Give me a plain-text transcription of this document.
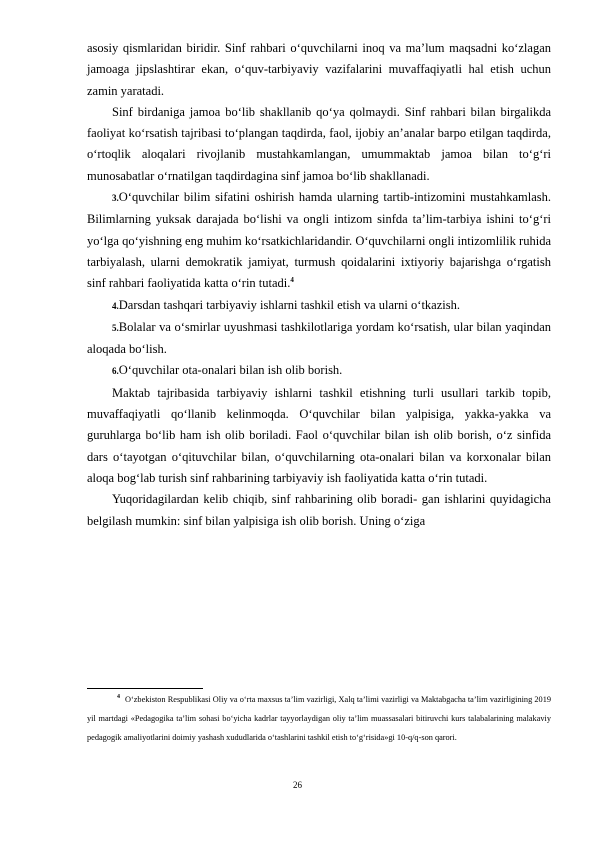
asosiy qismlaridan biridir. Sinf rahbari o‘quvchilarni inoq va ma’lum maqsadni ko‘zlagan jamoaga jipslashtirar ekan, o‘quv-tarbiyaviy vazifalarini muvaffaqiyatli hal etish uchun zamin yaratadi.

Sinf birdaniga jamoa bo‘lib shakllanib qo‘ya qolmaydi. Sinf rahbari bilan birgalikda faoliyat ko‘rsatish tajribasi to‘plangan taqdirda, faol, ijobiy an’analar barpo etilgan taqdirda, o‘rtoqlik aloqalari rivojlanib mustahkamlangan, umummaktab jamoa bilan to‘g‘ri munosabatlar o‘rnatilgan taqdirdagina sinf jamoa bo‘lib shakllanadi.

3.O‘quvchilar bilim sifatini oshirish hamda ularning tartib-intizomini mustahkamlash. Bilimlarning yuksak darajada bo‘lishi va ongli intizom sinfda ta’lim-tarbiya ishini to‘g‘ri yo‘lga qo‘yishning eng muhim ko‘rsatkichlaridandir. O‘quvchilarni ongli intizomlilik ruhida tarbiyalash, ularni demokratik jamiyat, turmush qoidalarini ixtiyoriy bajarishga o‘rgatish sinf rahbari faoliyatida katta o‘rin tutadi.$^4$

4.Darsdan tashqari tarbiyaviy ishlarni tashkil etish va ularni o‘tkazish.

5.Bolalar va o‘smirlar uyushmasi tashkilotlariga yordam ko‘rsatish, ular bilan yaqindan aloqada bo‘lish.

6.O‘quvchilar ota-onalari bilan ish olib borish.

Maktab tajribasida tarbiyaviy ishlarni tashkil etishning turli usullari tarkib topib, muvaffaqiyatli qo‘llanib kelinmoqda. O‘quvchilar bilan yalpisiga, yakka-yakka va guruhlarga bo‘lib ham ish olib boriladi. Faol o‘quvchilar bilan ish olib borish, o‘z sinfida dars o‘tayotgan o‘qituvchilar bilan, o‘quvchilarning ota-onalari bilan va korxonalar bilan aloqa bog‘lab turish sinf rahbarining tarbiyaviy ish faoliyatida katta o‘rin tutadi.

Yuqoridagilardan kelib chiqib, sinf rahbarining olib boradi- gan ishlarini quyidagicha belgilash mumkin: sinf bilan yalpisiga ish olib borish. Uning o‘ziga

$^4$ O‘zbekiston Respublikasi Oliy va o‘rta maxsus ta’lim vazirligi, Xalq ta’limi vazirligi va Maktabgacha ta’lim vazirligining 2019 yil martdagi «Pedagogika ta’lim sohasi bo‘yicha kadrlar tayyorlaydigan oliy ta’lim muassasalari bitiruvchi kurs talabalarining malakaviy pedagogik amaliyotlarini doimiy yashash xududlarida o‘tashlarini tashkil etish to‘g‘risida»gi 10-q/q-son qarori.

26
